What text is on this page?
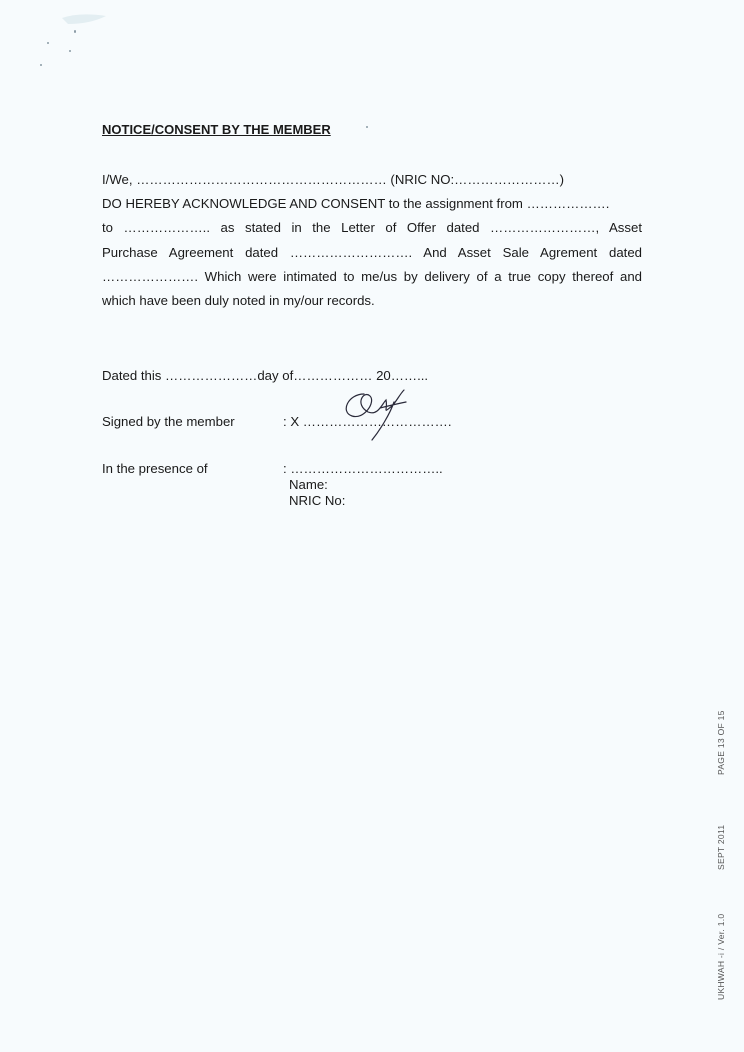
NOTICE/CONSENT BY THE MEMBER
I/We, ………………………………………………… (NRIC NO:……………………)
DO HEREBY ACKNOWLEDGE AND CONSENT to the assignment from ……………….
to ……………….. as stated in the Letter of Offer dated ……………………, Asset
Purchase Agreement dated ………………………. And Asset Sale Agrement dated
…………………. Which were intimated to me/us by delivery of a true copy thereof and
which have been duly noted in my/our records.
Dated this …………………day of……………… 20……...
Signed by the member	: X …………………………….
In the presence of	: ……………………………..
Name:
NRIC No:
PAGE 13 OF 15
SEPT 2011
UKHWAH -i / Ver. 1.0
